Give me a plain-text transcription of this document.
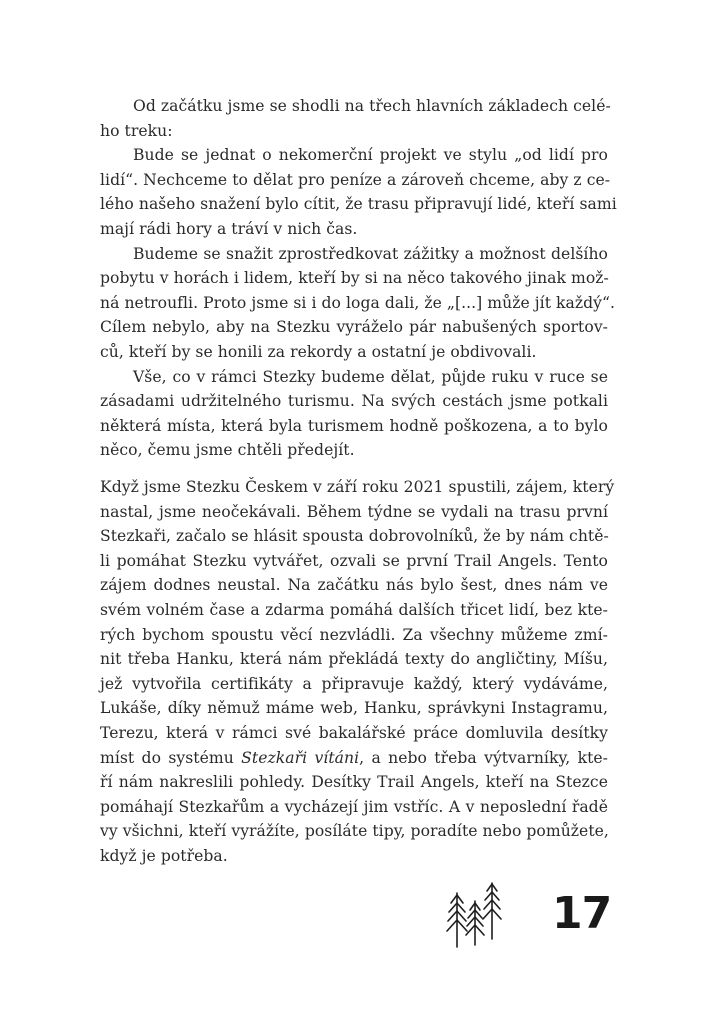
Od začátku jsme se shodli na třech hlavních základech celé-
ho treku:
Bude se jednat o nekomerční projekt ve stylu „od lidí pro
lidí“. Nechceme to dělat pro peníze a zároveň chceme, aby z ce-
lého našeho snažení bylo cítit, že trasu připravují lidé, kteří sami
mají rádi hory a tráví v nich čas.
Budeme se snažit zprostředkovat zážitky a možnost delšího
pobytu v horách i lidem, kteří by si na něco takového jinak mož-
ná netroufli. Proto jsme si i do loga dali, že „[...] může jít každý“.
Cílem nebylo, aby na Stezku vyráželo pár nabušených sportov-
ců, kteří by se honili za rekordy a ostatní je obdivovali.
Vše, co v rámci Stezky budeme dělat, půjde ruku v ruce se
zásadami udržitelného turismu. Na svých cestách jsme potkali
některá místa, která byla turismem hodně poškozena, a to bylo
něco, čemu jsme chtěli předejít.
Když jsme Stezku Českem v září roku 2021 spustili, zájem, který
nastal, jsme neočekávali. Během týdne se vydali na trasu první
Stezkaři, začalo se hlásit spousta dobrovolníků, že by nám chtě-
li pomáhat Stezku vytvářet, ozvali se první Trail Angels. Tento
zájem dodnes neustal. Na začátku nás bylo šest, dnes nám ve
svém volném čase a zdarma pomáhá dalších třicet lidí, bez kte-
rých bychom spoustu věcí nezvládli. Za všechny můžeme zmí-
nit třeba Hanku, která nám překládá texty do angličtiny, Míšu,
jež vytvořila certifikáty a připravuje každý, který vydáváme,
Lukáše, díky němuž máme web, Hanku, správkyni Instagramu,
Terezu, která v rámci své bakalářské práce domluvila desítky
míst do systému Stezkaři vítáni, a nebo třeba výtvarníky, kte-
ří nám nakreslili pohledy. Desítky Trail Angels, kteří na Stezce
pomáhají Stezkařům a vycházejí jim vstříc. A v neposlední řadě
vy všichni, kteří vyrážíte, posíláte tipy, poradíte nebo pomůžete,
když je potřeba.
17
